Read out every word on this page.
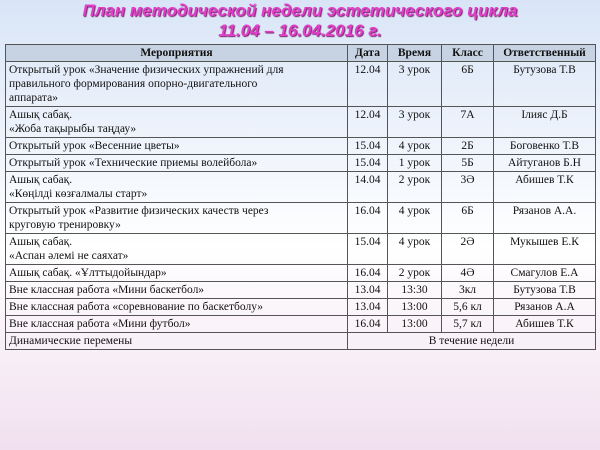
План методической недели эстетического цикла
11.04 – 16.04.2016 г.
Мероприятия	Дата	Время	Класс	Ответственный

Открытый урок «Значение физических упражнений для
правильного формирования опорно-двигательного
аппарата»	12.04	3 урок	6Б	Бутузова Т.В

Ашық сабақ.
«Жоба тақырыбы таңдау»	12.04	3 урок	7А	Ілияс Д.Б

Открытый урок «Весенние цветы»	15.04	4 урок	2Б	Боговенко Т.В

Открытый урок «Технические приемы волейбола»	15.04	1 урок	5Б	Айтуганов Б.Н

Ашық сабақ.
«Көңілді көзғалмалы старт»	14.04	2 урок	3Ә	Абишев Т.К

Открытый урок «Развитие физических качеств через
круговую тренировку»	16.04	4 урок	6Б	Рязанов А.А.

Ашық сабақ.
«Аспан әлемі не саяхат»	15.04	4 урок	2Ә	Мукышев Е.К

Ашық сабақ. «Ұлттыдойындар»	16.04	2 урок	4Ә	Смагулов Е.А

Вне классная работа «Мини баскетбол»	13.04	13:30	3кл	Бутузова Т.В

Вне классная работа «соревнование по баскетболу»	13.04	13:00	5,6 кл	Рязанов А.А

Вне классная работа «Мини футбол»	16.04	13:00	5,7 кл	Абишев Т.К
Динамические перемены	В течение недели			
